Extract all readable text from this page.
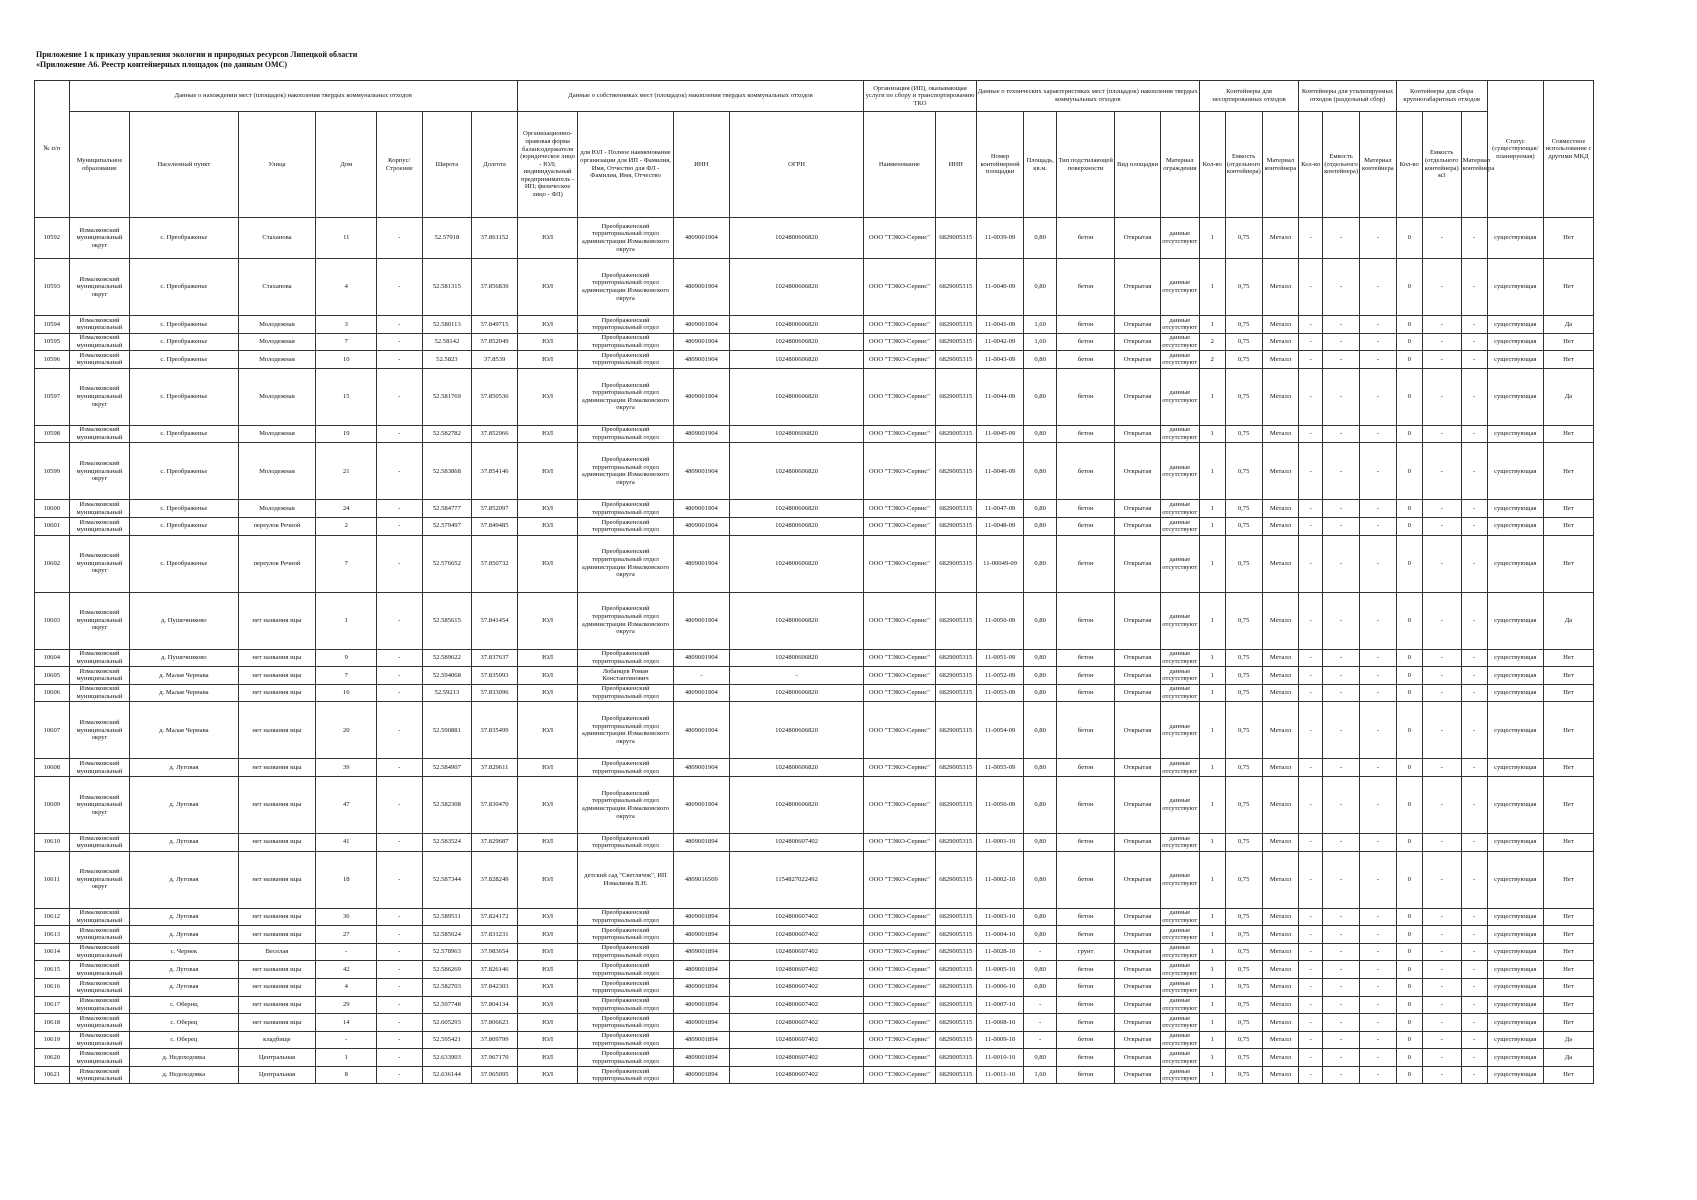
Приложение 1 к приказу управления экологии и природных ресурсов Липецкой области
«Приложение А6. Реестр контейнерных площадок (по данным ОМС)
№ п/п	Данные о нахождении мест (площадок) накопления твердых коммунальных отходов							Данные о собственниках мест (площадок) накопления твердых коммунальных отходов				Организация (ИП), оказывающая услуги по сбору и транспортированию ТКО		Данные о технических характеристиках мест (площадок) накопления твердых коммунальных отходов					Контейнеры для несортированных отходов			Контейнеры для утилизируемых отходов (раздельный сбор)			Контейнеры для сбора крупногабаритных отходов			Статус (существующая/планируемая)	Совместное использование с другими МКД
	Муниципальное образование	Населенный пункт	Улица	Дом	Корпус/Строение	Широта	Долгота	Организационно-правовая форма балансодержателя (юридическое лицо - ЮЛ; индивидуальный предприниматель - ИП; физическое лицо - ФЛ)	для ЮЛ - Полное наименование организации для ИП - Фамилия, Имя, Отчество для ФЛ - Фамилия, Имя, Отчество	ИНН	ОГРН	Наименование	ИНН	Номер контейнерной площадки	Площадь, кв.м.	Тип подстилающей поверхности	Вид площадки	Материал ограждения	Кол-во	Емкость (отдельного контейнера)	Материал контейнера	Кол-во	Емкость (отдельного контейнера)	Материал контейнера	Кол-во	Емкость (отдельного контейнера) м3	Материал контейнера		
10592	Измалковский муниципальный округ	с. Преображенье	Стаханова	11	-	52.57918	37.861152	ЮЛ	Преображенский территориальный отдел администрации Измалковского округа	4809001904	1024800606820	ООО "ТЭКО-Сервис"	6829005315	11-0039-09	0,80	бетон	Открытая	данные отсутствуют	1	0,75	Металл	-	-	-	0	-	-	существующая	Нет
10593	Измалковский муниципальный округ	с. Преображенье	Стаханова	4	-	52.581315	37.856839	ЮЛ	Преображенский территориальный отдел администрации Измалковского округа	4809001904	1024800606820	ООО "ТЭКО-Сервис"	6829005315	11-0040-09	0,80	бетон	Открытая	данные отсутствуют	1	0,75	Металл	-	-	-	0	-	-	существующая	Нет
10594	Измалковский муниципальный	с. Преображенье	Молодежная	3	-	52.580113	37.849715	ЮЛ	Преображенский территориальный отдел	4809001904	1024800606820	ООО "ТЭКО-Сервис"	6829005315	11-0041-09	1,60	бетон	Открытая	данные отсутствуют	1	0,75	Металл	-	-	-	0	-	-	существующая	Да
10595	Измалковский муниципальный	с. Преображенье	Молодежная	7	-	52.58142	37.852049	ЮЛ	Преображенский территориальный отдел	4809001904	1024800606820	ООО "ТЭКО-Сервис"	6829005315	11-0042-09	1,60	бетон	Открытая	данные отсутствуют	2	0,75	Металл	-	-	-	0	-	-	существующая	Нет
10596	Измалковский муниципальный	с. Преображенье	Молодежная	10	-	52.5823	37.8539	ЮЛ	Преображенский территориальный отдел	4809001904	1024800606820	ООО "ТЭКО-Сервис"	6829005315	11-0043-09	0,80	бетон	Открытая	данные отсутствуют	2	0,75	Металл	-	-	-	0	-	-	существующая	Нет
10597	Измалковский муниципальный округ	с. Преображенье	Молодежная	15	-	52.581769	37.850536	ЮЛ	Преображенский территориальный отдел администрации Измалковского округа	4809001904	1024800606820	ООО "ТЭКО-Сервис"	6829005315	11-0044-09	0,80	бетон	Открытая	данные отсутствуют	1	0,75	Металл	-	-	-	0	-	-	существующая	Да
10598	Измалковский муниципальный	с. Преображенье	Молодежная	19	-	52.582782	37.852966	ЮЛ	Преображенский территориальный отдел	4809001904	1024800606820	ООО "ТЭКО-Сервис"	6829005315	11-0045-09	0,80	бетон	Открытая	данные отсутствуют	1	0,75	Металл	-	-	-	0	-	-	существующая	Нет
10599	Измалковский муниципальный округ	с. Преображенье	Молодежная	21	-	52.583868	37.854146	ЮЛ	Преображенский территориальный отдел администрации Измалковского округа	4809001904	1024800606820	ООО "ТЭКО-Сервис"	6829005315	11-0046-09	0,80	бетон	Открытая	данные отсутствуют	1	0,75	Металл	-	-	-	0	-	-	существующая	Нет
10600	Измалковский муниципальный	с. Преображенье	Молодежная	24	-	52.584777	37.852097	ЮЛ	Преображенский территориальный отдел	4809001904	1024800606820	ООО "ТЭКО-Сервис"	6829005315	11-0047-09	0,80	бетон	Открытая	данные отсутствуют	1	0,75	Металл	-	-	-	0	-	-	существующая	Нет
10601	Измалковский муниципальный	с. Преображенье	переулок Речной	2	-	52.579497	37.849485	ЮЛ	Преображенский территориальный отдел	4809001904	1024800606820	ООО "ТЭКО-Сервис"	6829005315	11-0048-09	0,80	бетон	Открытая	данные отсутствуют	1	0,75	Металл	-	-	-	0	-	-	существующая	Нет
10602	Измалковский муниципальный округ	с. Преображенье	переулок Речной	7	-	52.576652	37.850732	ЮЛ	Преображенский территориальный отдел администрации Измалковского округа	4809001904	1024800606820	ООО "ТЭКО-Сервис"	6829005315	11-00049-09	0,80	бетон	Открытая	данные отсутствуют	1	0,75	Металл	-	-	-	0	-	-	существующая	Нет
10603	Измалковский муниципальный округ	д. Пушечниково	нет названия ицы	1	-	52.585615	37.841454	ЮЛ	Преображенский территориальный отдел администрации Измалковского округа	4809001904	1024800606820	ООО "ТЭКО-Сервис"	6829005315	11-0050-09	0,80	бетон	Открытая	данные отсутствуют	1	0,75	Металл	-	-	-	0	-	-	существующая	Да
10604	Измалковский муниципальный	д. Пушечниково	нет названия ицы	9	-	52.589622	37.837637	ЮЛ	Преображенский территориальный отдел	4809001904	1024800606820	ООО "ТЭКО-Сервис"	6829005315	11-0051-09	0,80	бетон	Открытая	данные отсутствуют	1	0,75	Металл	-	-	-	0	-	-	существующая	Нет
10605	Измалковский муниципальный	д. Малая Чернава	нет названия ицы	7	-	52.594068	37.835993	ЮЛ	Лобанцев Роман Константинович	-	-	ООО "ТЭКО-Сервис"	6829005315	11-0052-09	0,80	бетон	Открытая	данные отсутствуют	1	0,75	Металл	-	-	-	0	-	-	существующая	Нет
10606	Измалковский муниципальный	д. Малая Чернава	нет названия ицы	16	-	52.59213	37.833096	ЮЛ	Преображенский территориальный отдел	4809001904	1024800606820	ООО "ТЭКО-Сервис"	6829005315	11-0053-09	0,80	бетон	Открытая	данные отсутствуют	1	0,75	Металл	-	-	-	0	-	-	существующая	Нет
10607	Измалковский муниципальный округ	д. Малая Чернава	нет названия ицы	20	-	52.590881	37.835499	ЮЛ	Преображенский территориальный отдел администрации Измалковского округа	4809001904	1024800606820	ООО "ТЭКО-Сервис"	6829005315	11-0054-09	0,80	бетон	Открытая	данные отсутствуют	1	0,75	Металл	-	-	-	0	-	-	существующая	Нет
10608	Измалковский муниципальный	д. Луговая	нет названия ицы	39	-	52.584907	37.829611	ЮЛ	Преображенский территориальный отдел	4809001904	1024800606820	ООО "ТЭКО-Сервис"	6829005315	11-0055-09	0,80	бетон	Открытая	данные отсутствуют	1	0,75	Металл	-	-	-	0	-	-	существующая	Нет
10609	Измалковский муниципальный округ	д. Луговая	нет названия ицы	47	-	52.582308	37.830470	ЮЛ	Преображенский территориальный отдел администрации Измалковского округа	4809001904	1024800606820	ООО "ТЭКО-Сервис"	6829005315	11-0056-09	0,80	бетон	Открытая	данные отсутствуют	1	0,75	Металл	-	-	-	0	-	-	существующая	Нет
10610	Измалковский муниципальный	д. Луговая	нет названия ицы	41	-	52.583524	37.829687	ЮЛ	Преображенский территориальный отдел	4809001894	1024800607402	ООО "ТЭКО-Сервис"	6829005315	11-0001-10	0,80	бетон	Открытая	данные отсутствуют	1	0,75	Металл	-	-	-	0	-	-	существующая	Нет
10611	Измалковский муниципальный округ	д. Луговая	нет названия ицы	18	-	52.587344	37.828249	ЮЛ	детский сад "Светлячок", ИП Измалкова В.Н.	4809016509	1154827022492	ООО "ТЭКО-Сервис"	6829005315	11-0002-10	0,80	бетон	Открытая	данные отсутствуют	1	0,75	Металл	-	-	-	0	-	-	существующая	Нет
10612	Измалковский муниципальный	д. Луговая	нет названия ицы	36	-	52.589511	37.824172	ЮЛ	Преображенский территориальный отдел	4809001894	1024800607402	ООО "ТЭКО-Сервис"	6829005315	11-0003-10	0,80	бетон	Открытая	данные отсутствуют	1	0,75	Металл	-	-	-	0	-	-	существующая	Нет
10613	Измалковский муниципальный	д. Луговая	нет названия ицы	27	-	52.585624	37.831231	ЮЛ	Преображенский территориальный отдел	4809001894	1024800607402	ООО "ТЭКО-Сервис"	6829005315	11-0004-10	0,80	бетон	Открытая	данные отсутствуют	1	0,75	Металл	-	-	-	0	-	-	существующая	Нет
10614	Измалковский муниципальный	с. Чернек	Веселая	-	-	52.578963	37.983654	ЮЛ	Преображенский территориальный отдел	4809001894	1024800607402	ООО "ТЭКО-Сервис"	6829005315	11-0028-10	-	грунт	Открытая	данные отсутствуют	1	0,75	Металл	-	-	-	0	-	-	существующая	Нет
10615	Измалковский муниципальный	д. Луговая	нет названия ицы	42	-	52.586269	37.826146	ЮЛ	Преображенский территориальный отдел	4809001894	1024800607402	ООО "ТЭКО-Сервис"	6829005315	11-0005-10	0,80	бетон	Открытая	данные отсутствуют	1	0,75	Металл	-	-	-	0	-	-	существующая	Нет
10616	Измалковский муниципальный	д. Луговая	нет названия ицы	4	-	52.582703	37.842303	ЮЛ	Преображенский территориальный отдел	4809001894	1024800607402	ООО "ТЭКО-Сервис"	6829005315	11-0006-10	0,80	бетон	Открытая	данные отсутствуют	1	0,75	Металл	-	-	-	0	-	-	существующая	Нет
10617	Измалковский муниципальный	с. Обернц	нет названия ицы	29	-	52.597748	37.804134	ЮЛ	Преображенский территориальный отдел	4809001894	1024800607402	ООО "ТЭКО-Сервис"	6829005315	11-0007-10	-	бетон	Открытая	данные отсутствуют	1	0,75	Металл	-	-	-	0	-	-	существующая	Нет
10618	Измалковский муниципальный	с. Оберец	нет названия ицы	14	-	52.605293	37.806623	ЮЛ	Преображенский территориальный отдел	4809001894	1024800607402	ООО "ТЭКО-Сервис"	6829005315	11-0008-10	-	бетон	Открытая	данные отсутствуют	1	0,75	Металл	-	-	-	0	-	-	существующая	Нет
10619	Измалковский муниципальный	с. Оберец	кладбище	-	-	52.595421	37.809799	ЮЛ	Преображенский территориальный отдел	4809001894	1024800607402	ООО "ТЭКО-Сервис"	6829005315	11-0009-10	-	бетон	Открытая	данные отсутствуют	1	0,75	Металл	-	-	-	0	-	-	существующая	Да
10620	Измалковский муниципальный	д. Недоходовка	Центральная	1	-	52.633903	37.967170	ЮЛ	Преображенский территориальный отдел	4809001894	1024800607402	ООО "ТЭКО-Сервис"	6829005315	11-0010-10	0,80	бетон	Открытая	данные отсутствуют	1	0,75	Металл	-	-	-	0	-	-	существующая	Да
10621	Измалковский муниципальный	д. Недоходовка	Центральная	8	-	52.636144	37.965095	ЮЛ	Преображенский территориальный отдел	4809001894	1024800607402	ООО "ТЭКО-Сервис"	6829005315	11-0011-10	1,60	бетон	Открытая	данные отсутствуют	1	0,75	Металл	-	-	-	0	-	-	существующая	Нет
